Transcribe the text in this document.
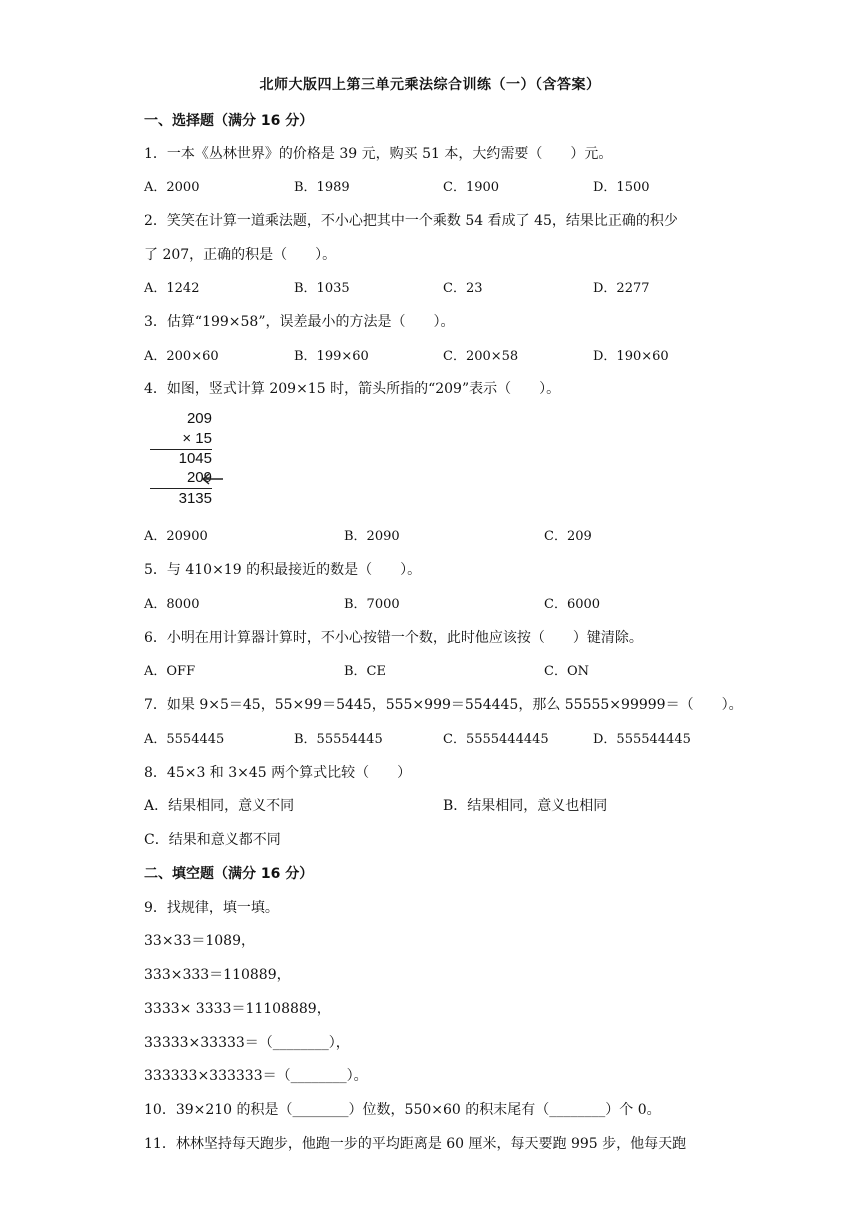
北师大版四上第三单元乘法综合训练（一）（含答案）
一、选择题（满分 16 分）
1．一本《丛林世界》的价格是 39 元，购买 51 本，大约需要（　　）元。
A．2000	B．1989	C．1900	D．1500
2．笑笑在计算一道乘法题，不小心把其中一个乘数 54 看成了 45，结果比正确的积少
了 207，正确的积是（　　）。
A．1242	B．1035	C．23	D．2277
3．估算“199×58”，误差最小的方法是（　　）。
A．200×60	B．199×60	C．200×58	D．190×60
4．如图，竖式计算 209×15 时，箭头所指的“209”表示（　　）。
209
× 15
1045
209
3135
A．20900	B．2090	C．209
5．与 410×19 的积最接近的数是（　　）。
A．8000	B．7000	C．6000
6．小明在用计算器计算时，不小心按错一个数，此时他应该按（　　）键清除。
A．OFF	B．CE	C．ON
7．如果 9×5＝45，55×99＝5445，555×999＝554445，那么 55555×99999＝（　　）。
A．5554445	B．55554445	C．5555444445	D．555544445
8．45×3 和 3×45 两个算式比较（　　）
A．结果相同，意义不同	B．结果相同，意义也相同
C．结果和意义都不同
二、填空题（满分 16 分）
9．找规律，填一填。
33×33＝1089，
333×333＝110889，
3333× 3333＝11108889，
33333×33333＝（________），
333333×333333＝（________）。
10．39×210 的积是（________）位数，550×60 的积末尾有（________）个 0。
11．林林坚持每天跑步，他跑一步的平均距离是 60 厘米，每天要跑 995 步，他每天跑
